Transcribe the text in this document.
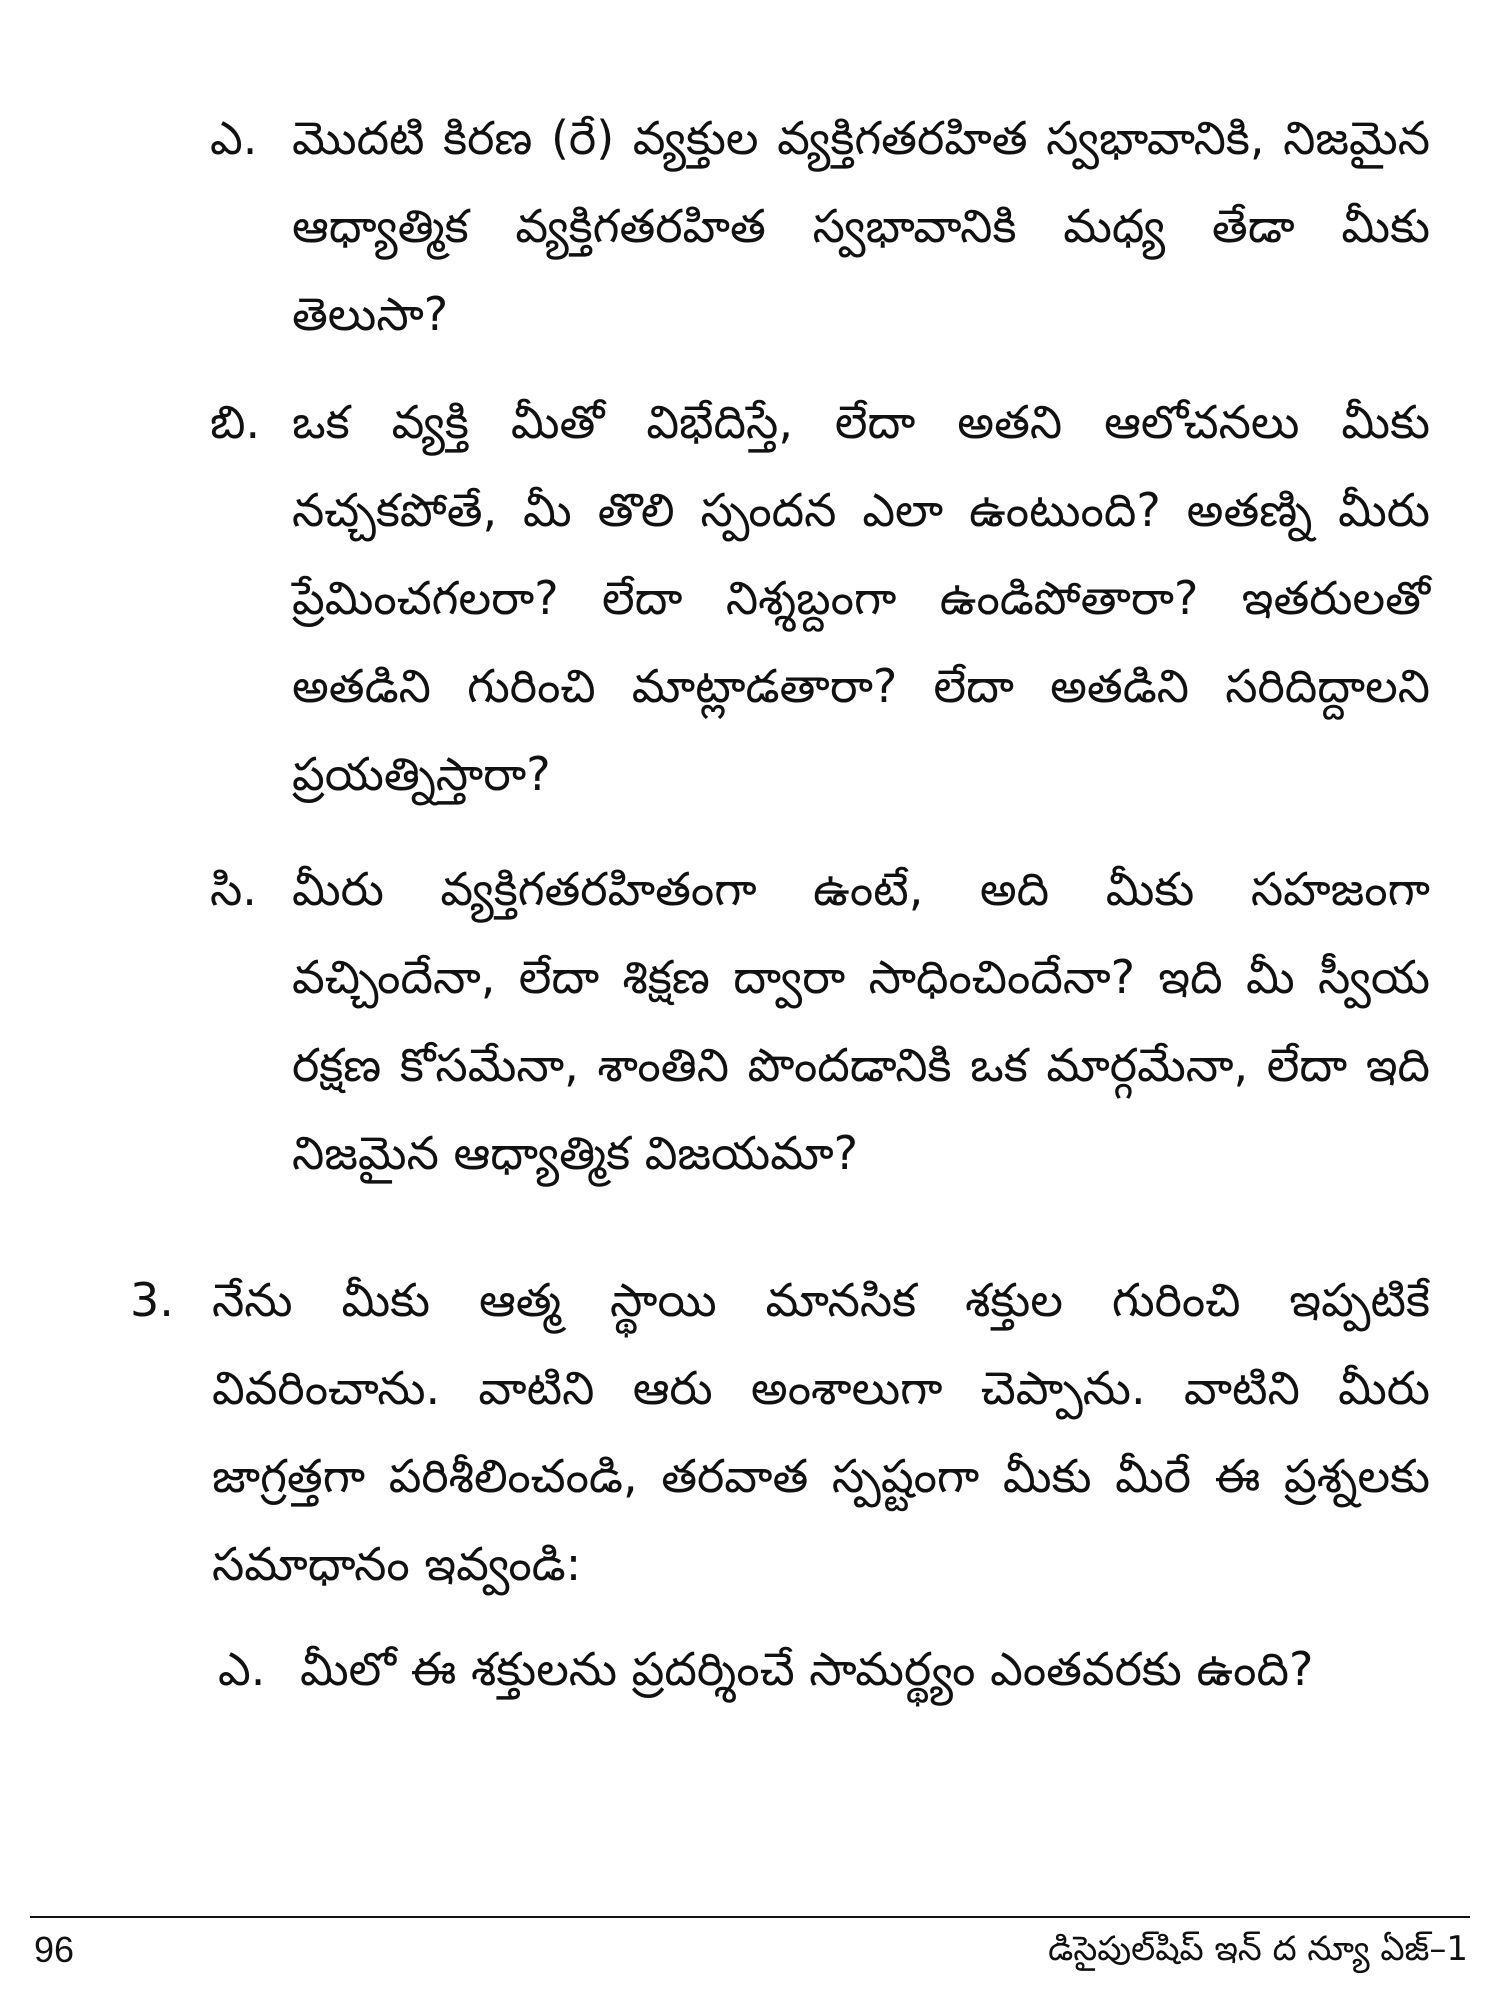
ఎ. మొదటి కిరణ (రే) వ్యక్తుల వ్యక్తిగతరహిత స్వభావానికి, నిజమైన ఆధ్యాత్మిక వ్యక్తిగతరహిత స్వభావానికి మధ్య తేడా మీకు తెలుసా?
బి. ఒక వ్యక్తి మీతో విభేదిస్తే, లేదా అతని ఆలోచనలు మీకు నచ్చకపోతే, మీ తొలి స్పందన ఎలా ఉంటుంది? అతణ్ని మీరు ప్రేమించగలరా? లేదా నిశ్శబ్దంగా ఉండిపోతారా? ఇతరులతో అతడిని గురించి మాట్లాడతారా? లేదా అతడిని సరిదిద్దాలని ప్రయత్నిస్తారా?
సి. మీరు వ్యక్తిగతరహితంగా ఉంటే, అది మీకు సహజంగా వచ్చిందేనా, లేదా శిక్షణ ద్వారా సాధించిందేనా? ఇది మీ స్వీయ రక్షణ కోసమేనా, శాంతిని పొందడానికి ఒక మార్గమేనా, లేదా ఇది నిజమైన ఆధ్యాత్మిక విజయమా?
3. నేను మీకు ఆత్మ స్థాయి మానసిక శక్తుల గురించి ఇప్పటికే వివరించాను. వాటిని ఆరు అంశాలుగా చెప్పాను. వాటిని మీరు జాగ్రత్తగా పరిశీలించండి, తరవాత స్పష్టంగా మీకు మీరే ఈ ప్రశ్నలకు సమాధానం ఇవ్వండి:
ఎ. మీలో ఈ శక్తులను ప్రదర్శించే సామర్థ్యం ఎంతవరకు ఉంది?
96	డిసైపుల్‌షిప్ ఇన్ ద న్యూ ఏజ్–1
